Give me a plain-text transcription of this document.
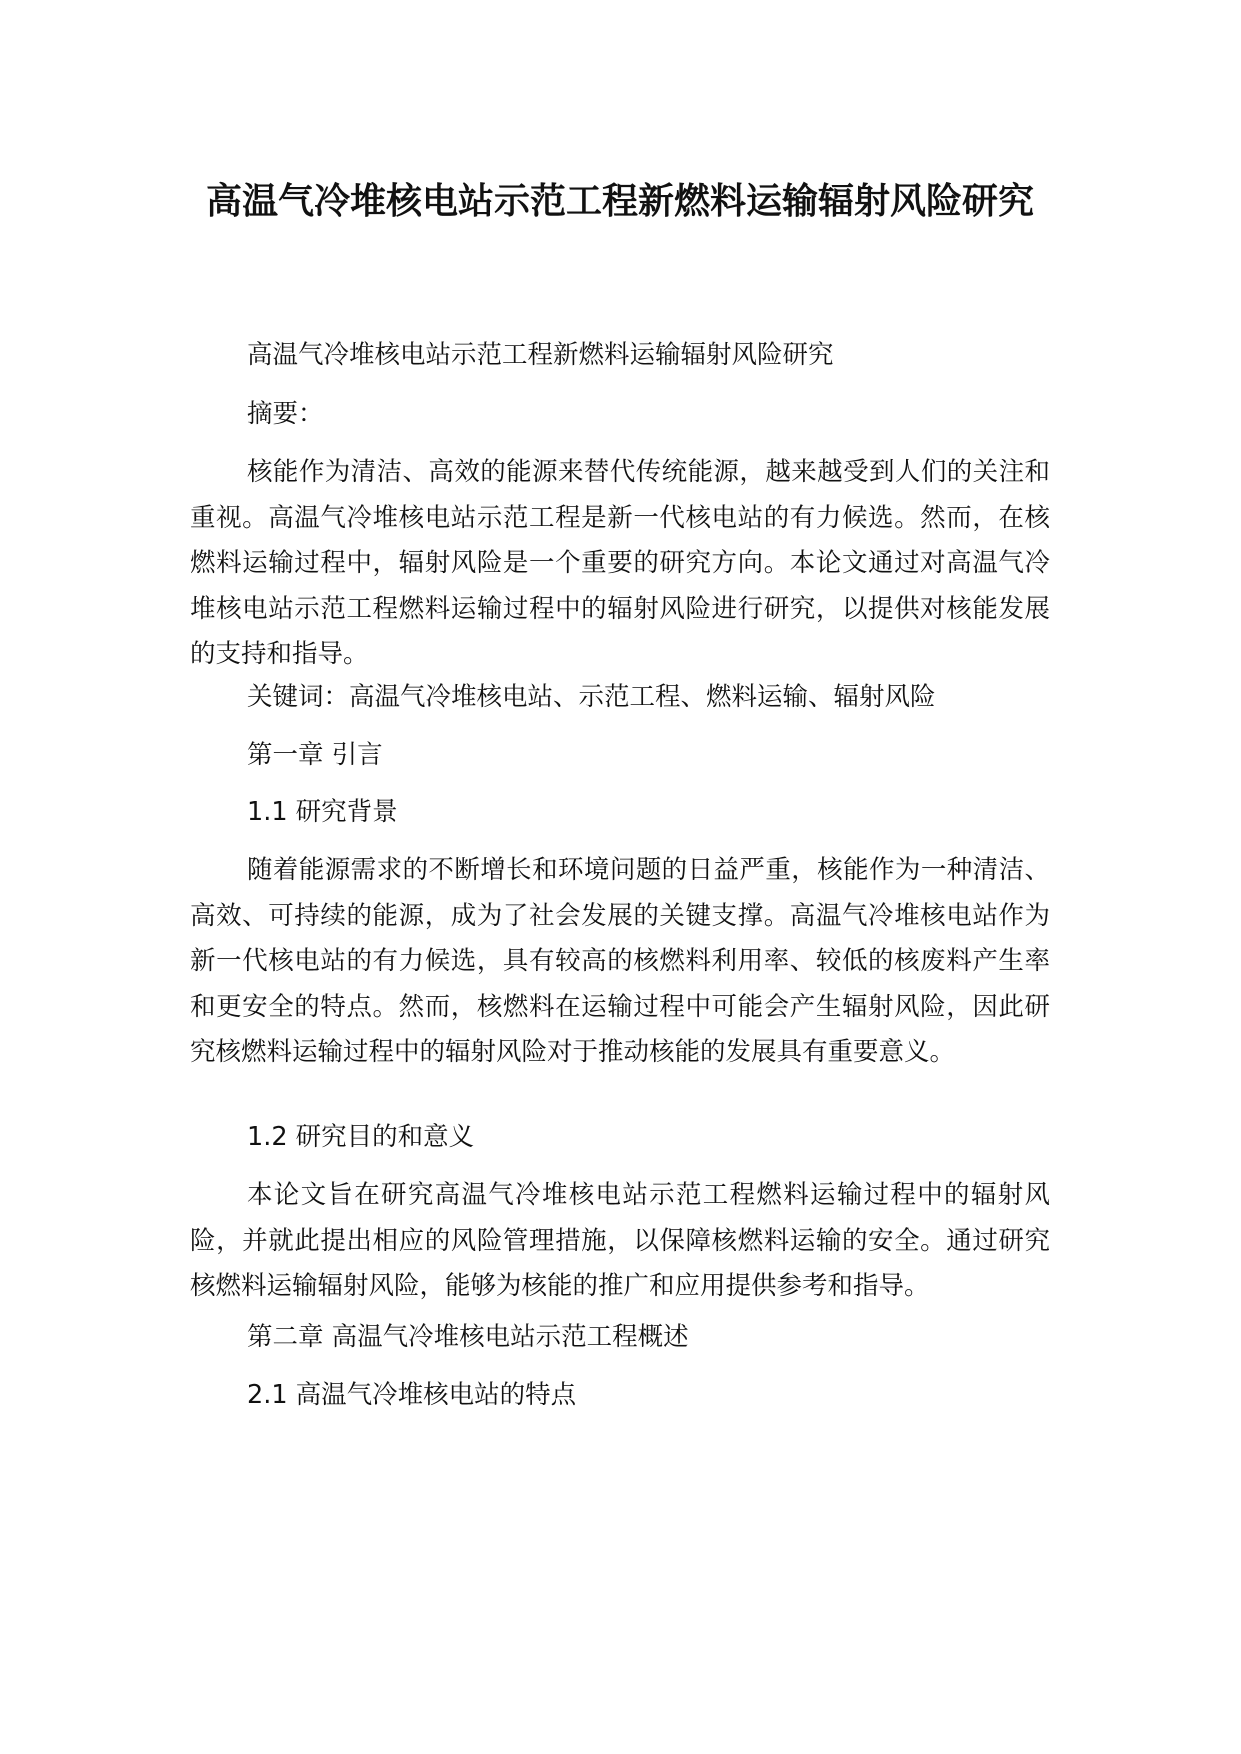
高温气冷堆核电站示范工程新燃料运输辐射风险研究

高温气冷堆核电站示范工程新燃料运输辐射风险研究

摘要：

核能作为清洁、高效的能源来替代传统能源，越来越受到人们的关注和重视。高温气冷堆核电站示范工程是新一代核电站的有力候选。然而，在核燃料运输过程中，辐射风险是一个重要的研究方向。本论文通过对高温气冷堆核电站示范工程燃料运输过程中的辐射风险进行研究，以提供对核能发展的支持和指导。

关键词：高温气冷堆核电站、示范工程、燃料运输、辐射风险

第一章 引言

1.1 研究背景

随着能源需求的不断增长和环境问题的日益严重，核能作为一种清洁、高效、可持续的能源，成为了社会发展的关键支撑。高温气冷堆核电站作为新一代核电站的有力候选，具有较高的核燃料利用率、较低的核废料产生率和更安全的特点。然而，核燃料在运输过程中可能会产生辐射风险，因此研究核燃料运输过程中的辐射风险对于推动核能的发展具有重要意义。

1.2 研究目的和意义

本论文旨在研究高温气冷堆核电站示范工程燃料运输过程中的辐射风险，并就此提出相应的风险管理措施，以保障核燃料运输的安全。通过研究核燃料运输辐射风险，能够为核能的推广和应用提供参考和指导。

第二章 高温气冷堆核电站示范工程概述

2.1 高温气冷堆核电站的特点
